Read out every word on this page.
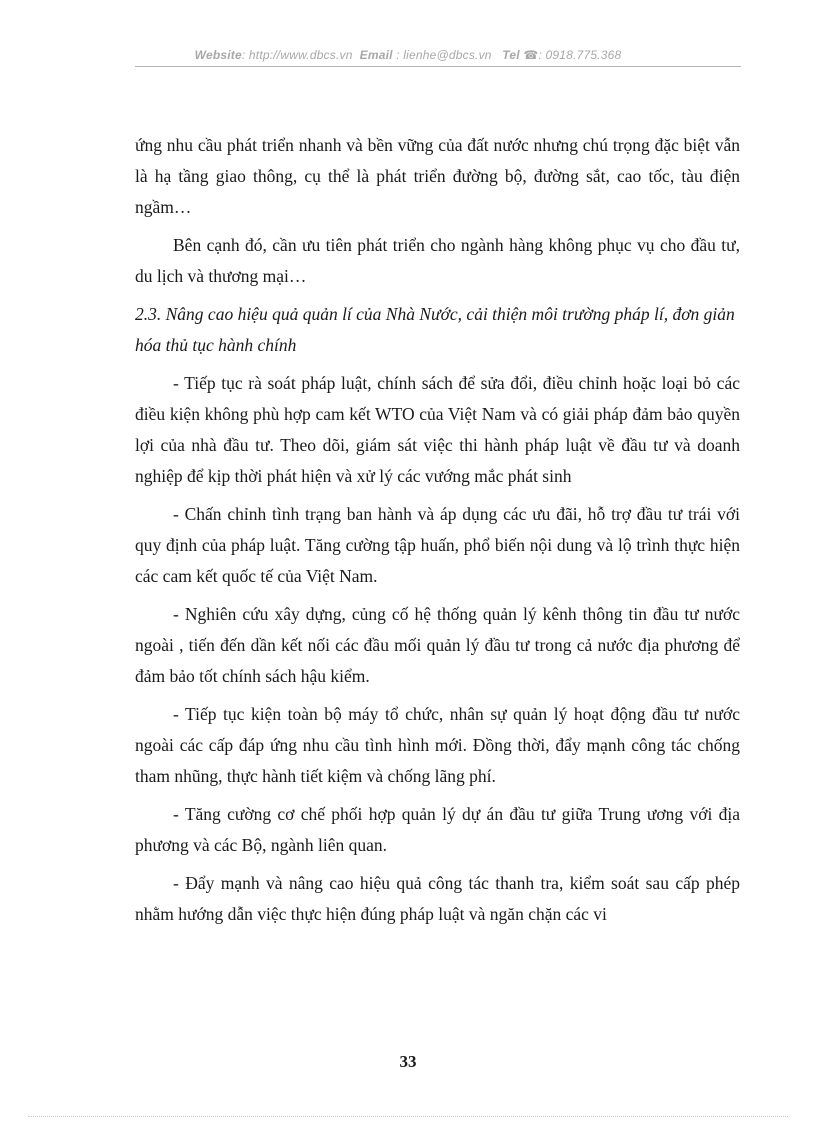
Website: http://www.dbcs.vn Email : lienhe@dbcs.vn Tel ☎: 0918.775.368

ứng nhu cầu phát triển nhanh và bền vững của đất nước nhưng chú trọng đặc biệt vẫn là hạ tầng giao thông, cụ thể là phát triển đường bộ, đường sắt, cao tốc, tàu điện ngầm…

Bên cạnh đó, cần ưu tiên phát triển cho ngành hàng không phục vụ cho đầu tư, du lịch và thương mại…

2.3. Nâng cao hiệu quả quản lí của Nhà Nước, cải thiện môi trường pháp lí, đơn giản hóa thủ tục hành chính

- Tiếp tục rà soát pháp luật, chính sách để sửa đổi, điều chỉnh hoặc loại bỏ các điều kiện không phù hợp cam kết WTO của Việt Nam và có giải pháp đảm bảo quyền lợi của nhà đầu tư. Theo dõi, giám sát việc thi hành pháp luật về đầu tư và doanh nghiệp để kịp thời phát hiện và xử lý các vướng mắc phát sinh

- Chấn chỉnh tình trạng ban hành và áp dụng các ưu đãi, hỗ trợ đầu tư trái với quy định của pháp luật. Tăng cường tập huấn, phổ biến nội dung và lộ trình thực hiện các cam kết quốc tế của Việt Nam.

- Nghiên cứu xây dựng, củng cố hệ thống quản lý kênh thông tin đầu tư nước ngoài , tiến đến dần kết nối các đầu mối quản lý đầu tư trong cả nước địa phương để đảm bảo tốt chính sách hậu kiểm.

- Tiếp tục kiện toàn bộ máy tổ chức, nhân sự quản lý hoạt động đầu tư nước ngoài các cấp đáp ứng nhu cầu tình hình mới. Đồng thời, đẩy mạnh công tác chống tham nhũng, thực hành tiết kiệm và chống lãng phí.

- Tăng cường cơ chế phối hợp quản lý dự án đầu tư giữa Trung ương với địa phương và các Bộ, ngành liên quan.

- Đẩy mạnh và nâng cao hiệu quả công tác thanh tra, kiểm soát sau cấp phép nhằm hướng dẫn việc thực hiện đúng pháp luật và ngăn chặn các vi

33
